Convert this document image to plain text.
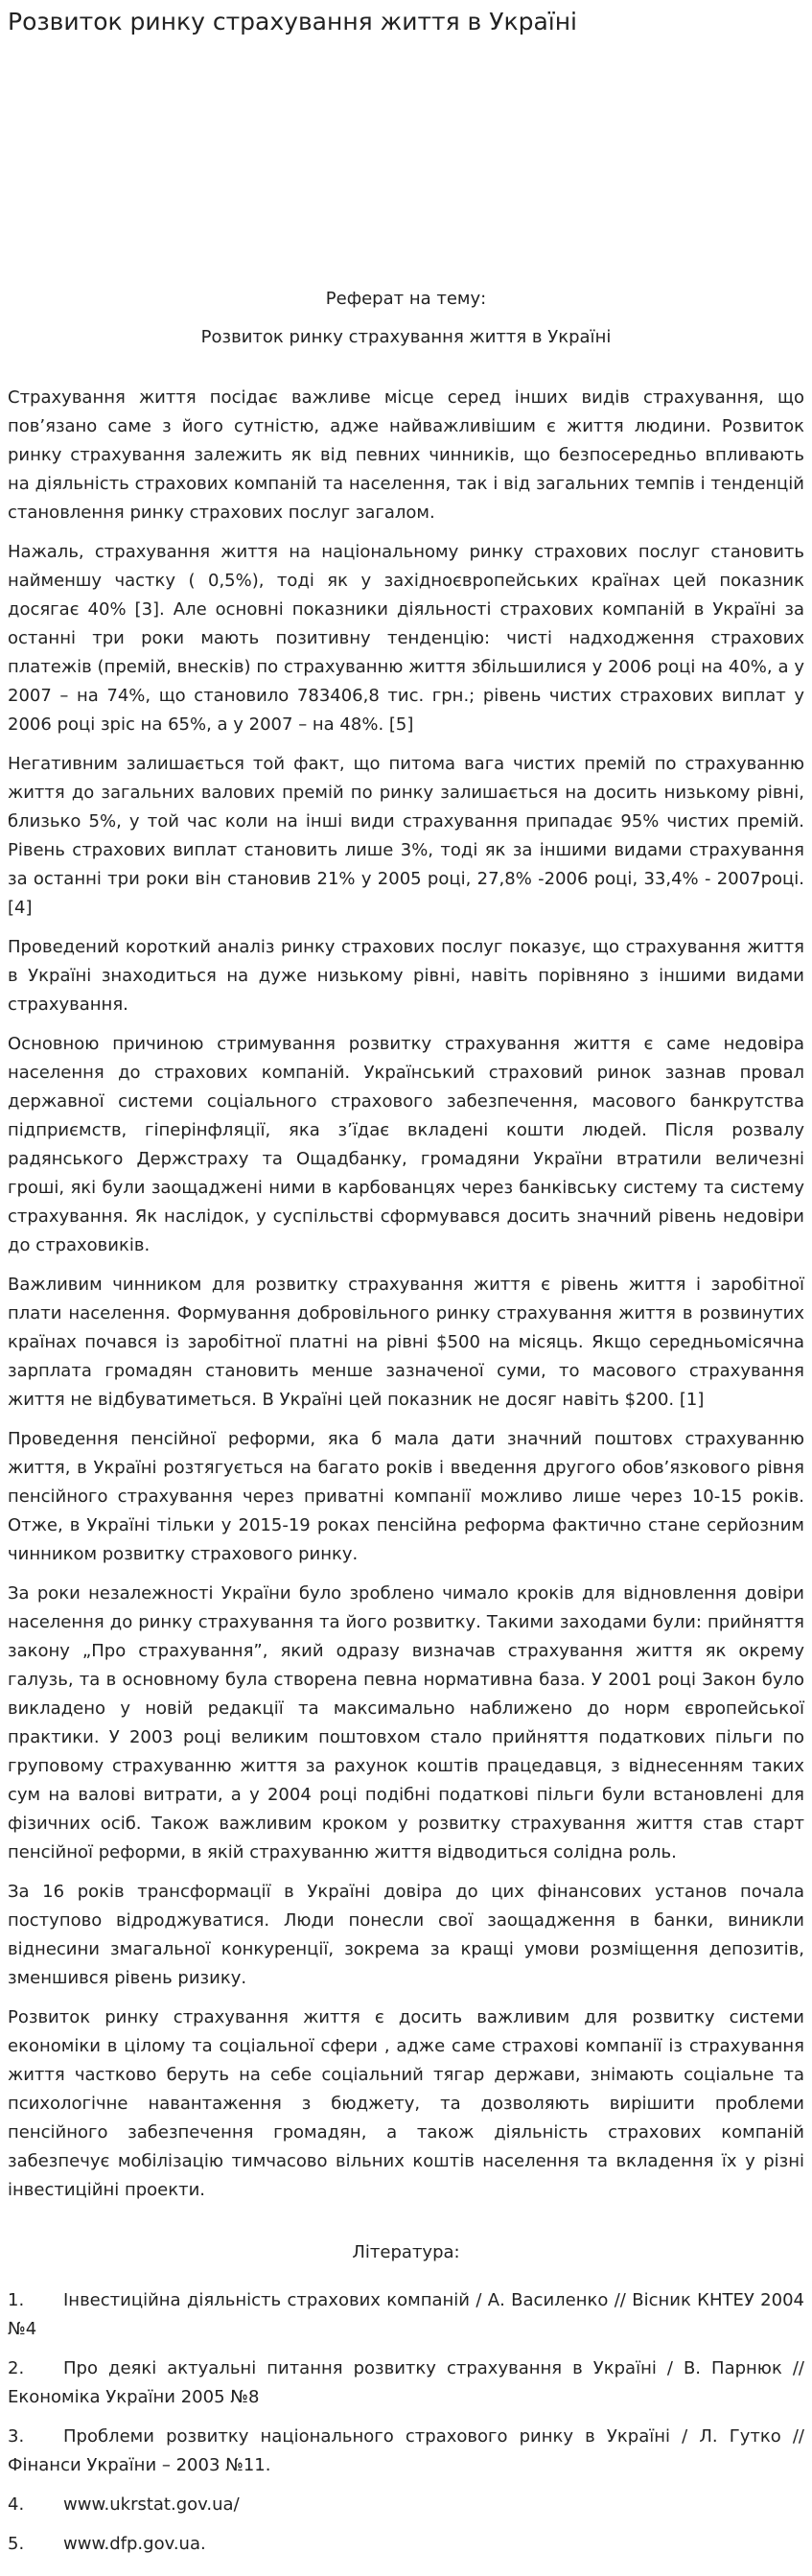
Розвиток ринку страхування життя в Україні

Реферат на тему:

Розвиток ринку страхування життя в Україні

Страхування життя посідає важливе місце серед інших видів страхування, що пов’язано саме з його сутністю, адже найважливішим є життя людини. Розвиток ринку страхування залежить як від певних чинників, що безпосередньо впливають на діяльність страхових компаній та населення, так і від загальних темпів і тенденцій становлення ринку страхових послуг загалом.

Нажаль, страхування життя на національному ринку страхових послуг становить найменшу частку ( 0,5%), тоді як у західноєвропейських країнах цей показник досягає 40% [3]. Але основні показники діяльності страхових компаній в Україні за останні три роки мають позитивну тенденцію: чисті надходження страхових платежів (премій, внесків) по страхуванню життя збільшилися у 2006 році на 40%, а у 2007 – на 74%, що становило 783406,8 тис. грн.; рівень чистих страхових виплат у 2006 році зріс на 65%, а у 2007 – на 48%. [5]

Негативним залишається той факт, що питома вага чистих премій по страхуванню життя до загальних валових премій по ринку залишається на досить низькому рівні, близько 5%, у той час коли на інші види страхування припадає 95% чистих премій. Рівень страхових виплат становить лише 3%, тоді як за іншими видами страхування за останні три роки він становив 21% у 2005 році, 27,8% -2006 році, 33,4% - 2007році. [4]

Проведений короткий аналіз ринку страхових послуг показує, що страхування життя в Україні знаходиться на дуже низькому рівні, навіть порівняно з іншими видами страхування.

Основною причиною стримування розвитку страхування життя є саме недовіра населення до страхових компаній. Український страховий ринок зазнав провал державної системи соціального страхового забезпечення, масового банкрутства підприємств, гіперінфляції, яка з’їдає вкладені кошти людей. Після розвалу радянського Держстраху та Ощадбанку, громадяни України втратили величезні гроші, які були заощаджені ними в карбованцях через банківську систему та систему страхування. Як наслідок, у суспільстві сформувався досить значний рівень недовіри до страховиків.

Важливим чинником для розвитку страхування життя є рівень життя і заробітної плати населення. Формування добровільного ринку страхування життя в розвинутих країнах почався із заробітної платні на рівні $500 на місяць. Якщо середньомісячна зарплата громадян становить менше зазначеної суми, то масового страхування життя не відбуватиметься. В Україні цей показник не досяг навіть $200. [1]

Проведення пенсійної реформи, яка б мала дати значний поштовх страхуванню життя, в Україні розтягується на багато років і введення другого обов’язкового рівня пенсійного страхування через приватні компанії можливо лише через 10-15 років. Отже, в Україні тільки у 2015-19 роках пенсійна реформа фактично стане серйозним чинником розвитку страхового ринку.

За роки незалежності України було зроблено чимало кроків для відновлення довіри населення до ринку страхування та його розвитку. Такими заходами були: прийняття закону „Про страхування”, який одразу визначав страхування життя як окрему галузь, та в основному була створена певна нормативна база. У 2001 році Закон було викладено у новій редакції та максимально наближено до норм європейської практики. У 2003 році великим поштовхом стало прийняття податкових пільги по груповому страхуванню життя за рахунок коштів працедавця, з віднесенням таких сум на валові витрати, а у 2004 році подібні податкові пільги були встановлені для фізичних осіб. Також важливим кроком у розвитку страхування життя став старт пенсійної реформи, в якій страхуванню життя відводиться солідна роль.

За 16 років трансформації в Україні довіра до цих фінансових установ почала поступово відроджуватися. Люди понесли свої заощадження в банки, виникли віднесини змагальної конкуренції, зокрема за кращі умови розміщення депозитів, зменшився рівень ризику.

Розвиток ринку страхування життя є досить важливим для розвитку системи економіки в цілому та соціальної сфери , адже саме страхові компанії із страхування життя частково беруть на себе соціальний тягар держави, знімають соціальне та психологічне навантаження з бюджету, та дозволяють вирішити проблеми пенсійного забезпечення громадян, а також діяльність страхових компаній забезпечує мобілізацію тимчасово вільних коштів населення та вкладення їх у різні інвестиційні проекти.

Література:
1. Інвестиційна діяльність страхових компаній / А. Василенко // Вісник КНТЕУ 2004 №4
2. Про деякі актуальні питання розвитку страхування в Україні / В. Парнюк // Економіка України 2005 №8
3. Проблеми розвитку національного страхового ринку в Україні / Л. Гутко // Фінанси України – 2003 №11.
4. www.ukrstat.gov.ua/
5. www.dfp.gov.ua.
